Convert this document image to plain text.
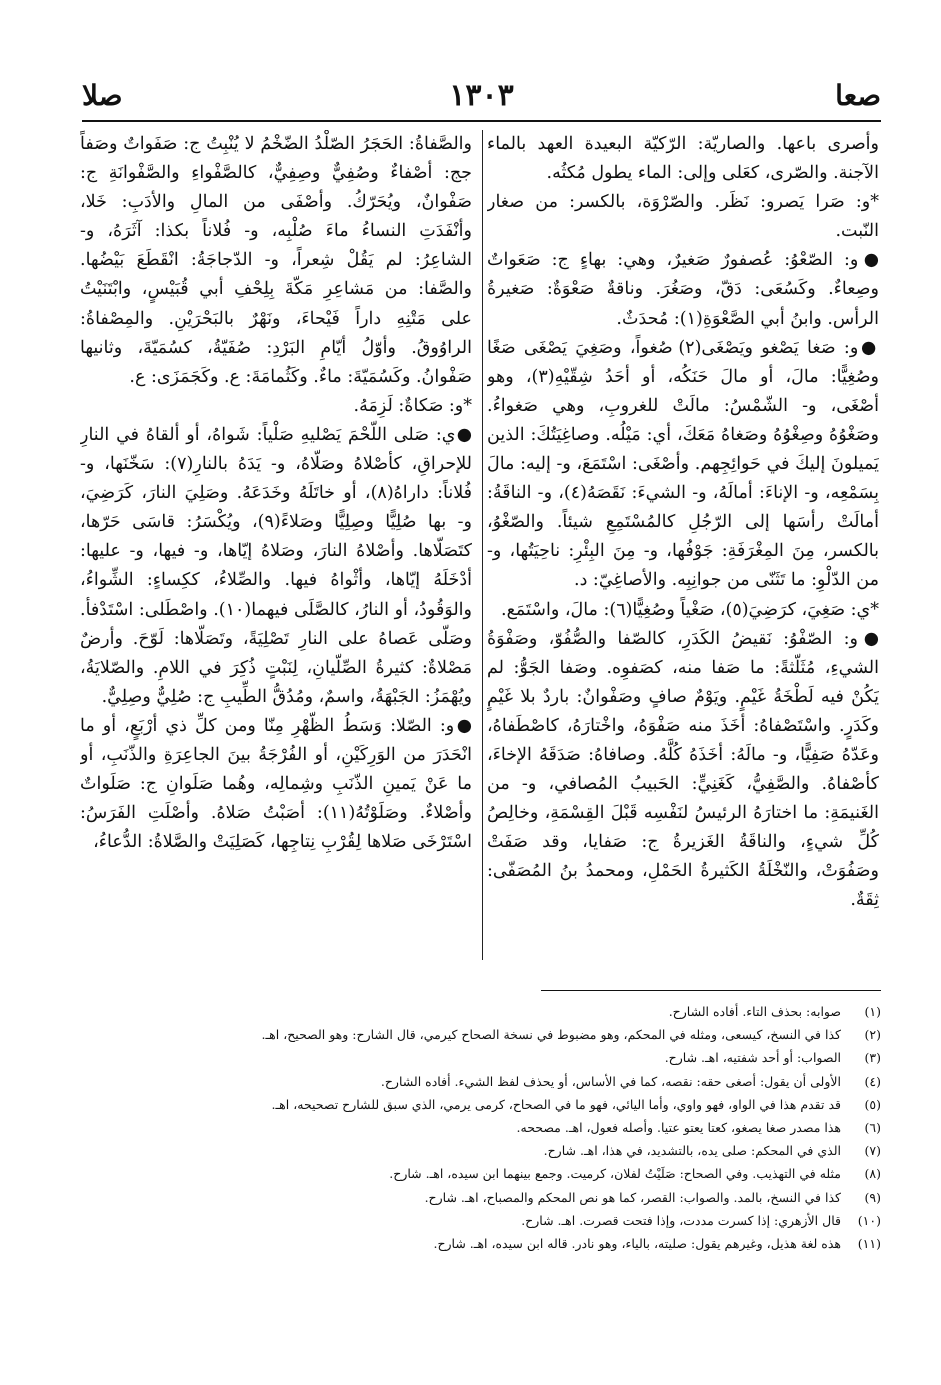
صعا
١٣٠٣
صلا

وأصرى باعها. والصاريّة: الرّكيّة البعيدة العهد بالماء الآجنة. والصّرى، كعَلى وإلى: الماء يطول مُكثُه.

*و: صَرا يَصرو: نَظَر. والصّرْوَة، بالكسر: من صغار النّبت.

●و: الصّعْوُ: عُصفورٌ صَغيرٌ، وهي: بهاءٍ ج: صَعَواتٌ وصِعاءٌ. وكَسُعَى: دَقّ، وصَغُرَ. وناقةٌ صَعْوَةٌ: صَغيرةُ الرأس. وابنُ أبي الصَّعْوَةِ(١): مُحدَثٌ.

●و: صَغا يَصْغو ويَصْغَى(٢) صُغواً، وصَغِيَ يَصْغَى صَغًا وصُغِيًّا: مالَ، أو مالَ حَنَكُه، أو أحَدُ شِقّيْهِ(٣)، وهو أصْغَى، و- الشّمْسُ: مالَتْ للغروبِ، وهي صَغواءُ. وصَغْوُهُ وصِغْوُهُ وصَغاهُ مَعَكَ، أي: مَيْلُه. وصاغِيَتُكَ: الذين يَميلونَ إليكَ في حَوائِجِهم. وأصْغَى: اسْتَمَعَ، و- إليه: مالَ بِسَمْعِه، و- الإناءَ: أمالَهُ، و- الشيءَ: نَقَصَهُ(٤)، و- الناقَةُ: أمالَتْ رأسَها إلى الرّجُلِ كالمُسْتَمِعِ شيئاً. والصّغْوُ، بالكسر، مِنَ المِغْرَفَةِ: جَوْفُها، و- مِنَ البِئْرِ: ناحِيَتُها، و- من الدّلْوِ: ما تَثَنّى من جوانِبِه. والأصاغِيّ: د.

*ي: صَغِيَ، كرَضِيَ(٥)، صَغْياً وصُغِيًّا(٦): مالَ، واسْتَمَع.

●و: الصّفْوُ: نَقيضُ الكَدَرِ، كالصّفا والصُّفُوّ، وصَفْوَةُ الشيءِ، مُثَلّثةً: ما صَفا منه، كصَفوِه. وصَفا الجَوُّ: لم يَكُنْ فيه لَطْخَةُ غَيْمٍ. ويَوْمٌ صافٍ وصَفْوانٌ: باردٌ بلا غَيْمٍ وكَدَرٍ. واسْتَصْفاهُ: أخَذَ منه صَفْوَهُ، واخْتارَهُ، كاصْطَفاهُ، وعَدّهُ صَفِيًّا، و- مالَهُ: أخَذَهُ كُلَّهُ. وصافاهُ: صَدَقَهُ الإخاءَ، كأصْفاهُ. والصَّفِيُّ، كَغَنِيٍّ: الحَبيبُ المُصافي، و- من الغَنيمَةِ: ما اختارَهُ الرئيسُ لنَفْسِه قَبْلَ القِسْمَةِ، وخالِصُ كُلِّ شيءٍ، والناقَةُ الغَزيرةُ ج: صَفايا، وقد صَفَتْ وصَفُوَتْ، والنّخْلَةُ الكَثيرةُ الحَمْلِ، ومحمدُ بنُ المُصَفّى: ثِقَةٌ.

والصَّفاةُ: الحَجَرُ الصّلْدُ الضّخْمُ لا يُنْبِتُ ج: صَفَواتٌ وصَفاً جج: أصْفاءٌ وصُفِيٌّ وصِفِيٌّ، كالصَّفْواءِ والصَّفْوانَةِ ج: صَفْوانٌ، ويُحَرّكُ. وأصْفَى من المالِ والأدَبِ: خَلا، وأنْفَدَتِ النساءُ ماءَ صُلْبِه، و- فُلاناً بكذا: آثَرَهُ، و- الشاعِرُ: لم يَقُلْ شِعراً، و- الدّجاجَةُ: انْقَطَعَ بَيْضُها. والصَّفا: من مَشاعِرِ مَكّةَ بِلِحْفِ أبي قُبَيْسٍ، وابْتَنَيْتُ على مَتْنِهِ داراً فَيْحاءَ، ونَهْرٌ بالبَحْرَيْنِ. والمِصْفاةُ: الراوُوقُ. وأوّلُ أيّامِ البَرْدِ: صُفَيّةُ، كسُمَيّةَ، وثانيها صَفْوانُ. وكَسُمَيّةَ: ماءٌ. وكَثُمامَةَ: ع. وكَجَمَزَى: ع.

*و: صَكاةٌ: لَزِمَهُ.

●ي: صَلى اللّحْمَ يَصْليهِ صَلْياً: شَواهُ، أو ألقاهُ في النارِ للإحراقِ، كأصْلاهُ وصَلّاهُ، و- يَدَهُ بالنارِ(٧): سَخّنَها، و- فُلاناً: داراهُ(٨)، أو خاتَلَهُ وخَدَعَهُ. وصَلِيَ النارَ، كَرَضِيَ، و- بها صُلِيًّا وصِلِيًّا وصَلاءً(٩)، ويُكْسَرُ: قاسَى حَرّها، كتَصَلّاها. وأصْلاهُ النارَ، وصَلاهُ إيّاها، و- فيها، و- عليها: أدْخَلَهُ إيّاها، وأثْواهُ فيها. والصِّلاءُ، ككِساءٍ: الشِّواءُ، والوَقُودُ، أو النارُ، كالصَّلَى فيهما(١٠). واصْطَلى: اسْتَدْفأ. وصَلّى عَصاهُ على النارِ تَصْلِيَةً، وتَصَلّاها: لَوّحَ. وأرضٌ مَصْلاةٌ: كثيرةُ الصِّلّيانِ، لِنَبْتٍ ذُكِرَ في اللامِ. والصّلايَةُ، ويُهْمَزُ: الجَبْهَةُ، واسمٌ، ومُدُقُّ الطِّيبِ ج: صُلِيٌّ وصِلِيٌّ.

●و: الصّلا: وَسَطُ الظّهْرِ مِنّا ومن كلِّ ذي أرْبَعٍ، أو ما انْحَدَرَ من الوَرِكَيْنِ، أو الفُرْجَةُ بينَ الجاعِرَةِ والذّنَبِ، أو ما عَنْ يَمينِ الذّنَبِ وشِمالِه، وهُما صَلَوانِ ج: صَلَواتٌ وأصْلاءٌ. وصَلَوْتُهُ(١١): أصَبْتُ صَلاهُ. وأصْلَتِ الفَرَسُ: اسْتَرْخَى صَلاها لِقُرْبِ نِتاجِها، كَصَلِيَتْ والصَّلاةُ: الدُّعاءُ،

(١)
صوابه: بحذف التاء. أفاده الشارح.
(٢)
كذا في النسخ، كيسعى، ومثله في المحكم، وهو مضبوط في نسخة الصحاح كيرمي، قال الشارح: وهو الصحيح، اهـ.
(٣)
الصواب: أو أحد شفتيه، اهـ. شارح.
(٤)
الأولى أن يقول: أصغى حقه: نقصه، كما في الأساس، أو يحذف لفظ الشيء. أفاده الشارح.
(٥)
قد تقدم هذا في الواو، فهو واوي، وأما اليائي، فهو ما في الصحاح، كرمى يرمي، الذي سبق للشارح تصحيحه، اهـ.
(٦)
هذا مصدر صغا يصغو، كعتا يعتو عتيا. وأصله فعول، اهـ. مصححه.
(٧)
الذي في المحكم: صلى يده، بالتشديد، في هذا، اهـ. شارح.
(٨)
مثله في التهذيب. وفي الصحاح: صَلَيْتُ لفلان، كرميت. وجمع بينهما ابن سيده، اهـ. شارح.
(٩)
كذا في النسخ، بالمد. والصواب: القصر، كما هو نص المحكم والمصباح، اهـ. شارح.
(١٠)
قال الأزهري: إذا كسرت مددت، وإذا فتحت قصرت. اهـ. شارح.
(١١)
هذه لغة هذيل، وغيرهم يقول: صليته، بالياء، وهو نادر. قاله ابن سيده، اهـ. شارح.
